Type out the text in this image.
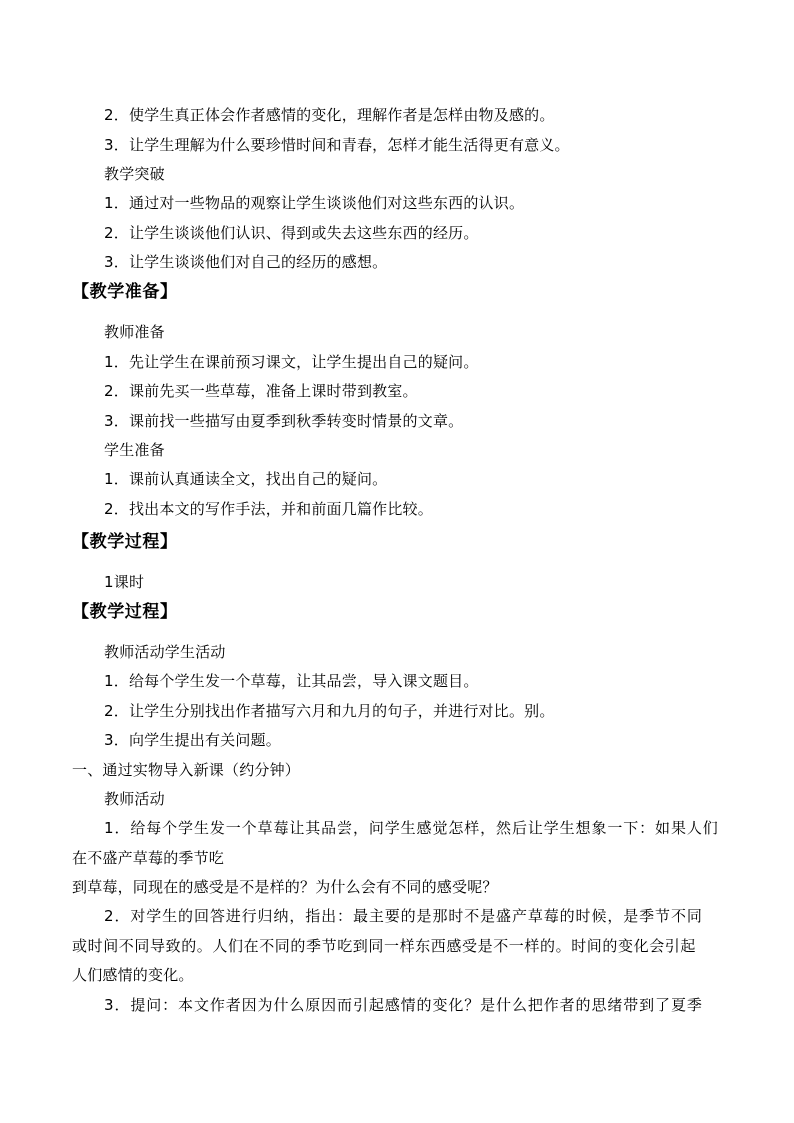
2．使学生真正体会作者感情的变化，理解作者是怎样由物及感的。
3．让学生理解为什么要珍惜时间和青春，怎样才能生活得更有意义。
教学突破
1．通过对一些物品的观察让学生谈谈他们对这些东西的认识。
2．让学生谈谈他们认识、得到或失去这些东西的经历。
3．让学生谈谈他们对自己的经历的感想。
【教学准备】
教师准备
1．先让学生在课前预习课文，让学生提出自己的疑问。
2．课前先买一些草莓，准备上课时带到教室。
3．课前找一些描写由夏季到秋季转变时情景的文章。
学生准备
1．课前认真通读全文，找出自己的疑问。
2．找出本文的写作手法，并和前面几篇作比较。
【教学过程】
1课时
【教学过程】
教师活动学生活动
1．给每个学生发一个草莓，让其品尝，导入课文题目。
2．让学生分别找出作者描写六月和九月的句子，并进行对比。别。
3．向学生提出有关问题。
一、通过实物导入新课（约分钟）
教师活动
1．给每个学生发一个草莓让其品尝，问学生感觉怎样，然后让学生想象一下：如果人们
在不盛产草莓的季节吃
到草莓，同现在的感受是不是样的？为什么会有不同的感受呢？
2．对学生的回答进行归纳，指出：最主要的是那时不是盛产草莓的时候，是季节不同
或时间不同导致的。人们在不同的季节吃到同一样东西感受是不一样的。时间的变化会引起
人们感情的变化。
3．提问：本文作者因为什么原因而引起感情的变化？是什么把作者的思绪带到了夏季
